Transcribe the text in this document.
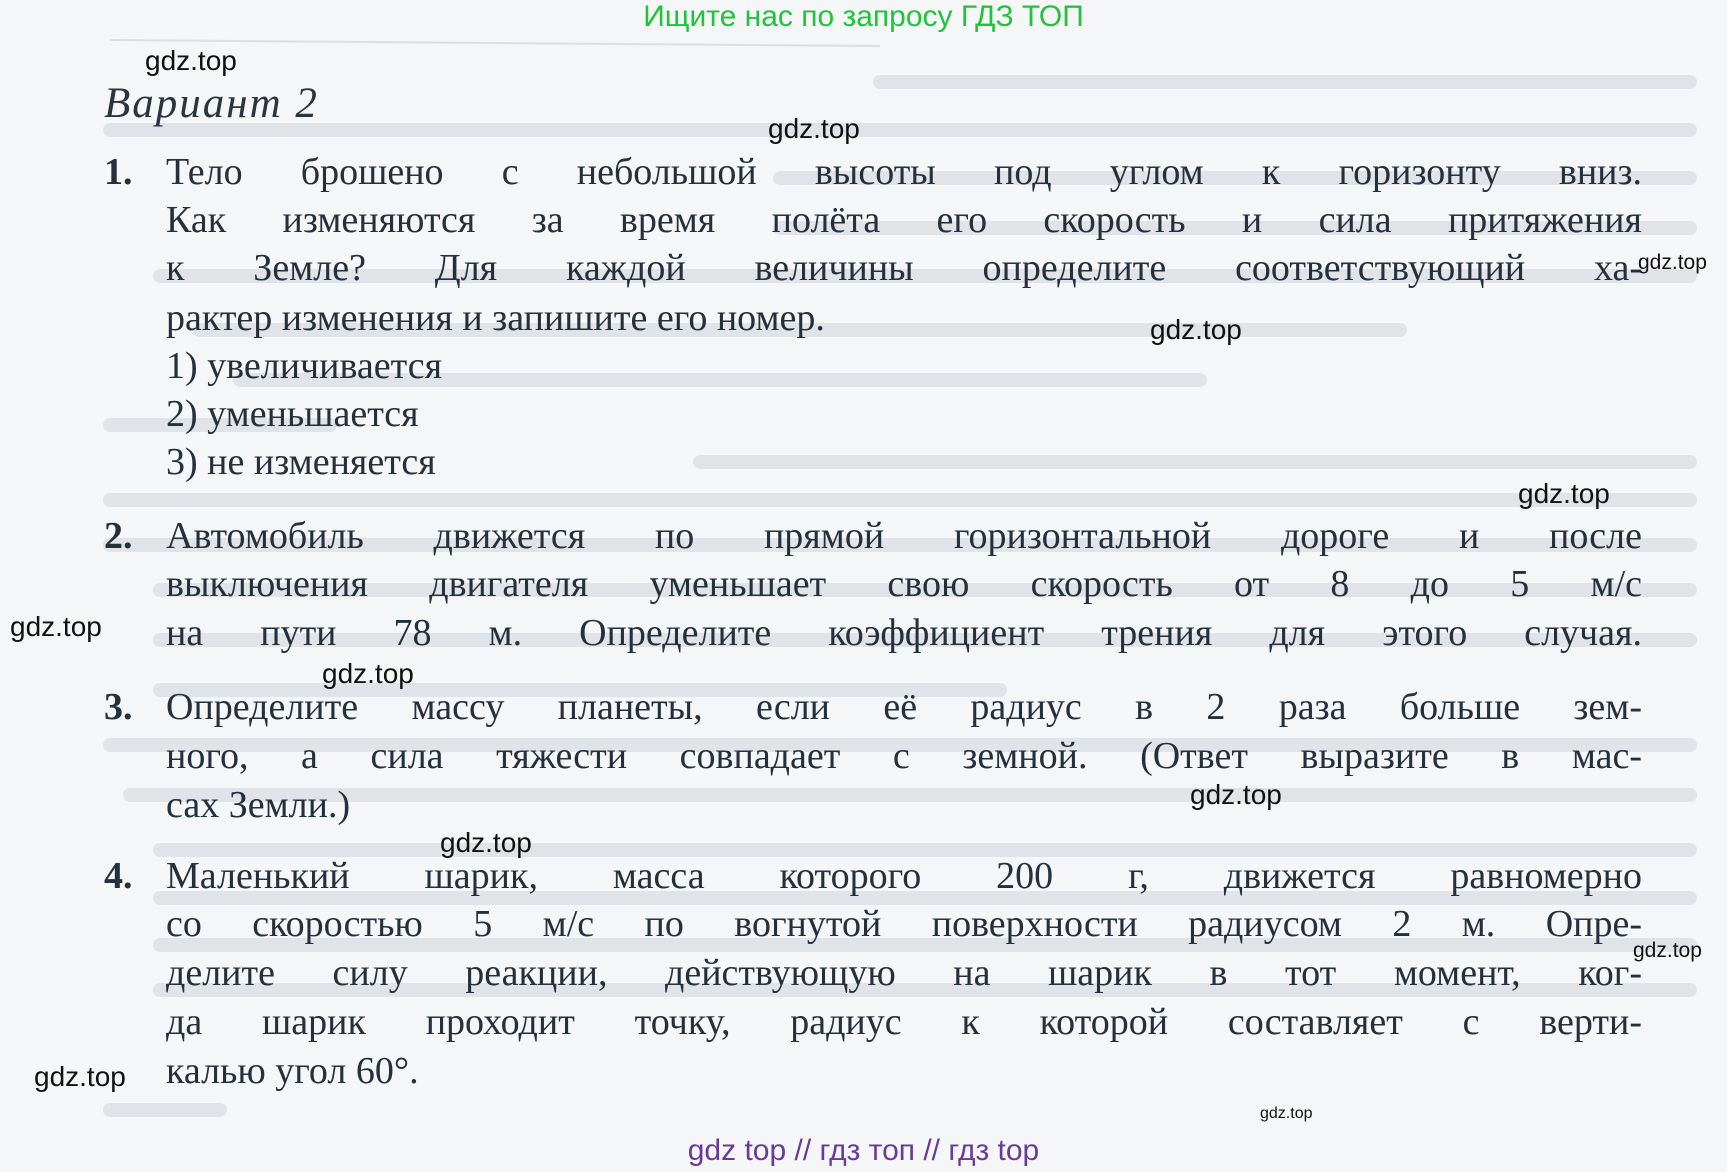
Ищите нас по запросу ГДЗ ТОП
Вариант 2
1. Тело брошено с небольшой высоты под углом к горизонту вниз.
Как изменяются за время полёта его скорость и сила притяжения
к Земле? Для каждой величины определите соответствующий ха-
рактер изменения и запишите его номер.
1) увеличивается
2) уменьшается
3) не изменяется
2. Автомобиль движется по прямой горизонтальной дороге и после
выключения двигателя уменьшает свою скорость от 8 до 5 м/с
на пути 78 м. Определите коэффициент трения для этого случая.
3. Определите массу планеты, если её радиус в 2 раза больше зем-
ного, а сила тяжести совпадает с земной. (Ответ выразите в мас-
сах Земли.)
4. Маленький шарик, масса которого 200 г, движется равномерно
со скоростью 5 м/с по вогнутой поверхности радиусом 2 м. Опре-
делите силу реакции, действующую на шарик в тот момент, ког-
да шарик проходит точку, радиус к которой составляет с верти-
калью угол 60°.
gdz.top
gdz.top
gdz.top
gdz.top
gdz.top
gdz.top
gdz.top
gdz.top
gdz.top
gdz.top
gdz.top
gdz.top
gdz top // гдз топ // гдз top
